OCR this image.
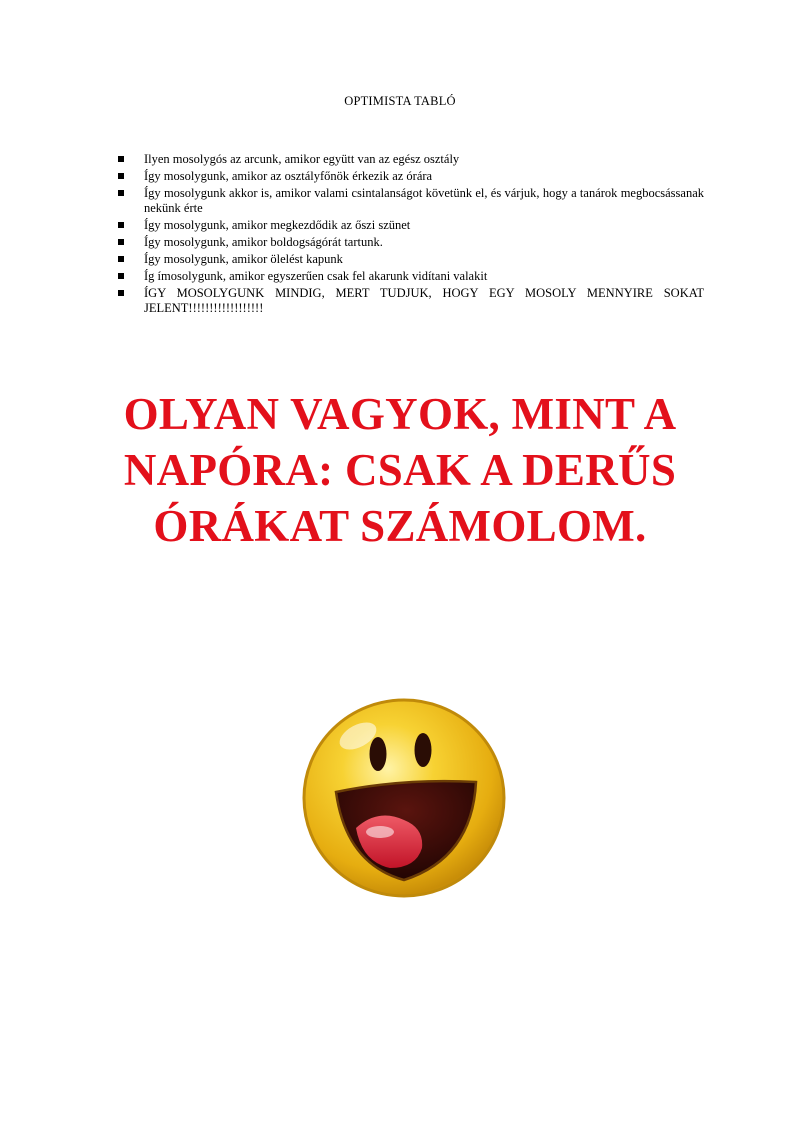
OPTIMISTA TABLÓ
Ilyen mosolygós az arcunk, amikor együtt van az egész osztály
Így mosolygunk, amikor az osztályfőnök érkezik az órára
Így mosolygunk akkor is, amikor valami csintalanságot követünk el, és várjuk, hogy a tanárok megbocsássanak nekünk érte
Így mosolygunk, amikor megkezdődik az őszi szünet
Így mosolygunk, amikor boldogságórát tartunk.
Így mosolygunk, amikor ölelést kapunk
Íg ímosolygunk, amikor egyszerűen csak fel akarunk vidítani valakit
ÍGY MOSOLYGUNK MINDIG, MERT TUDJUK, HOGY EGY MOSOLY MENNYIRE SOKAT JELENT!!!!!!!!!!!!!!!!!!
OLYAN VAGYOK, MINT A
NAPÓRA: CSAK A DERŰS
ÓRÁKAT SZÁMOLOM.
